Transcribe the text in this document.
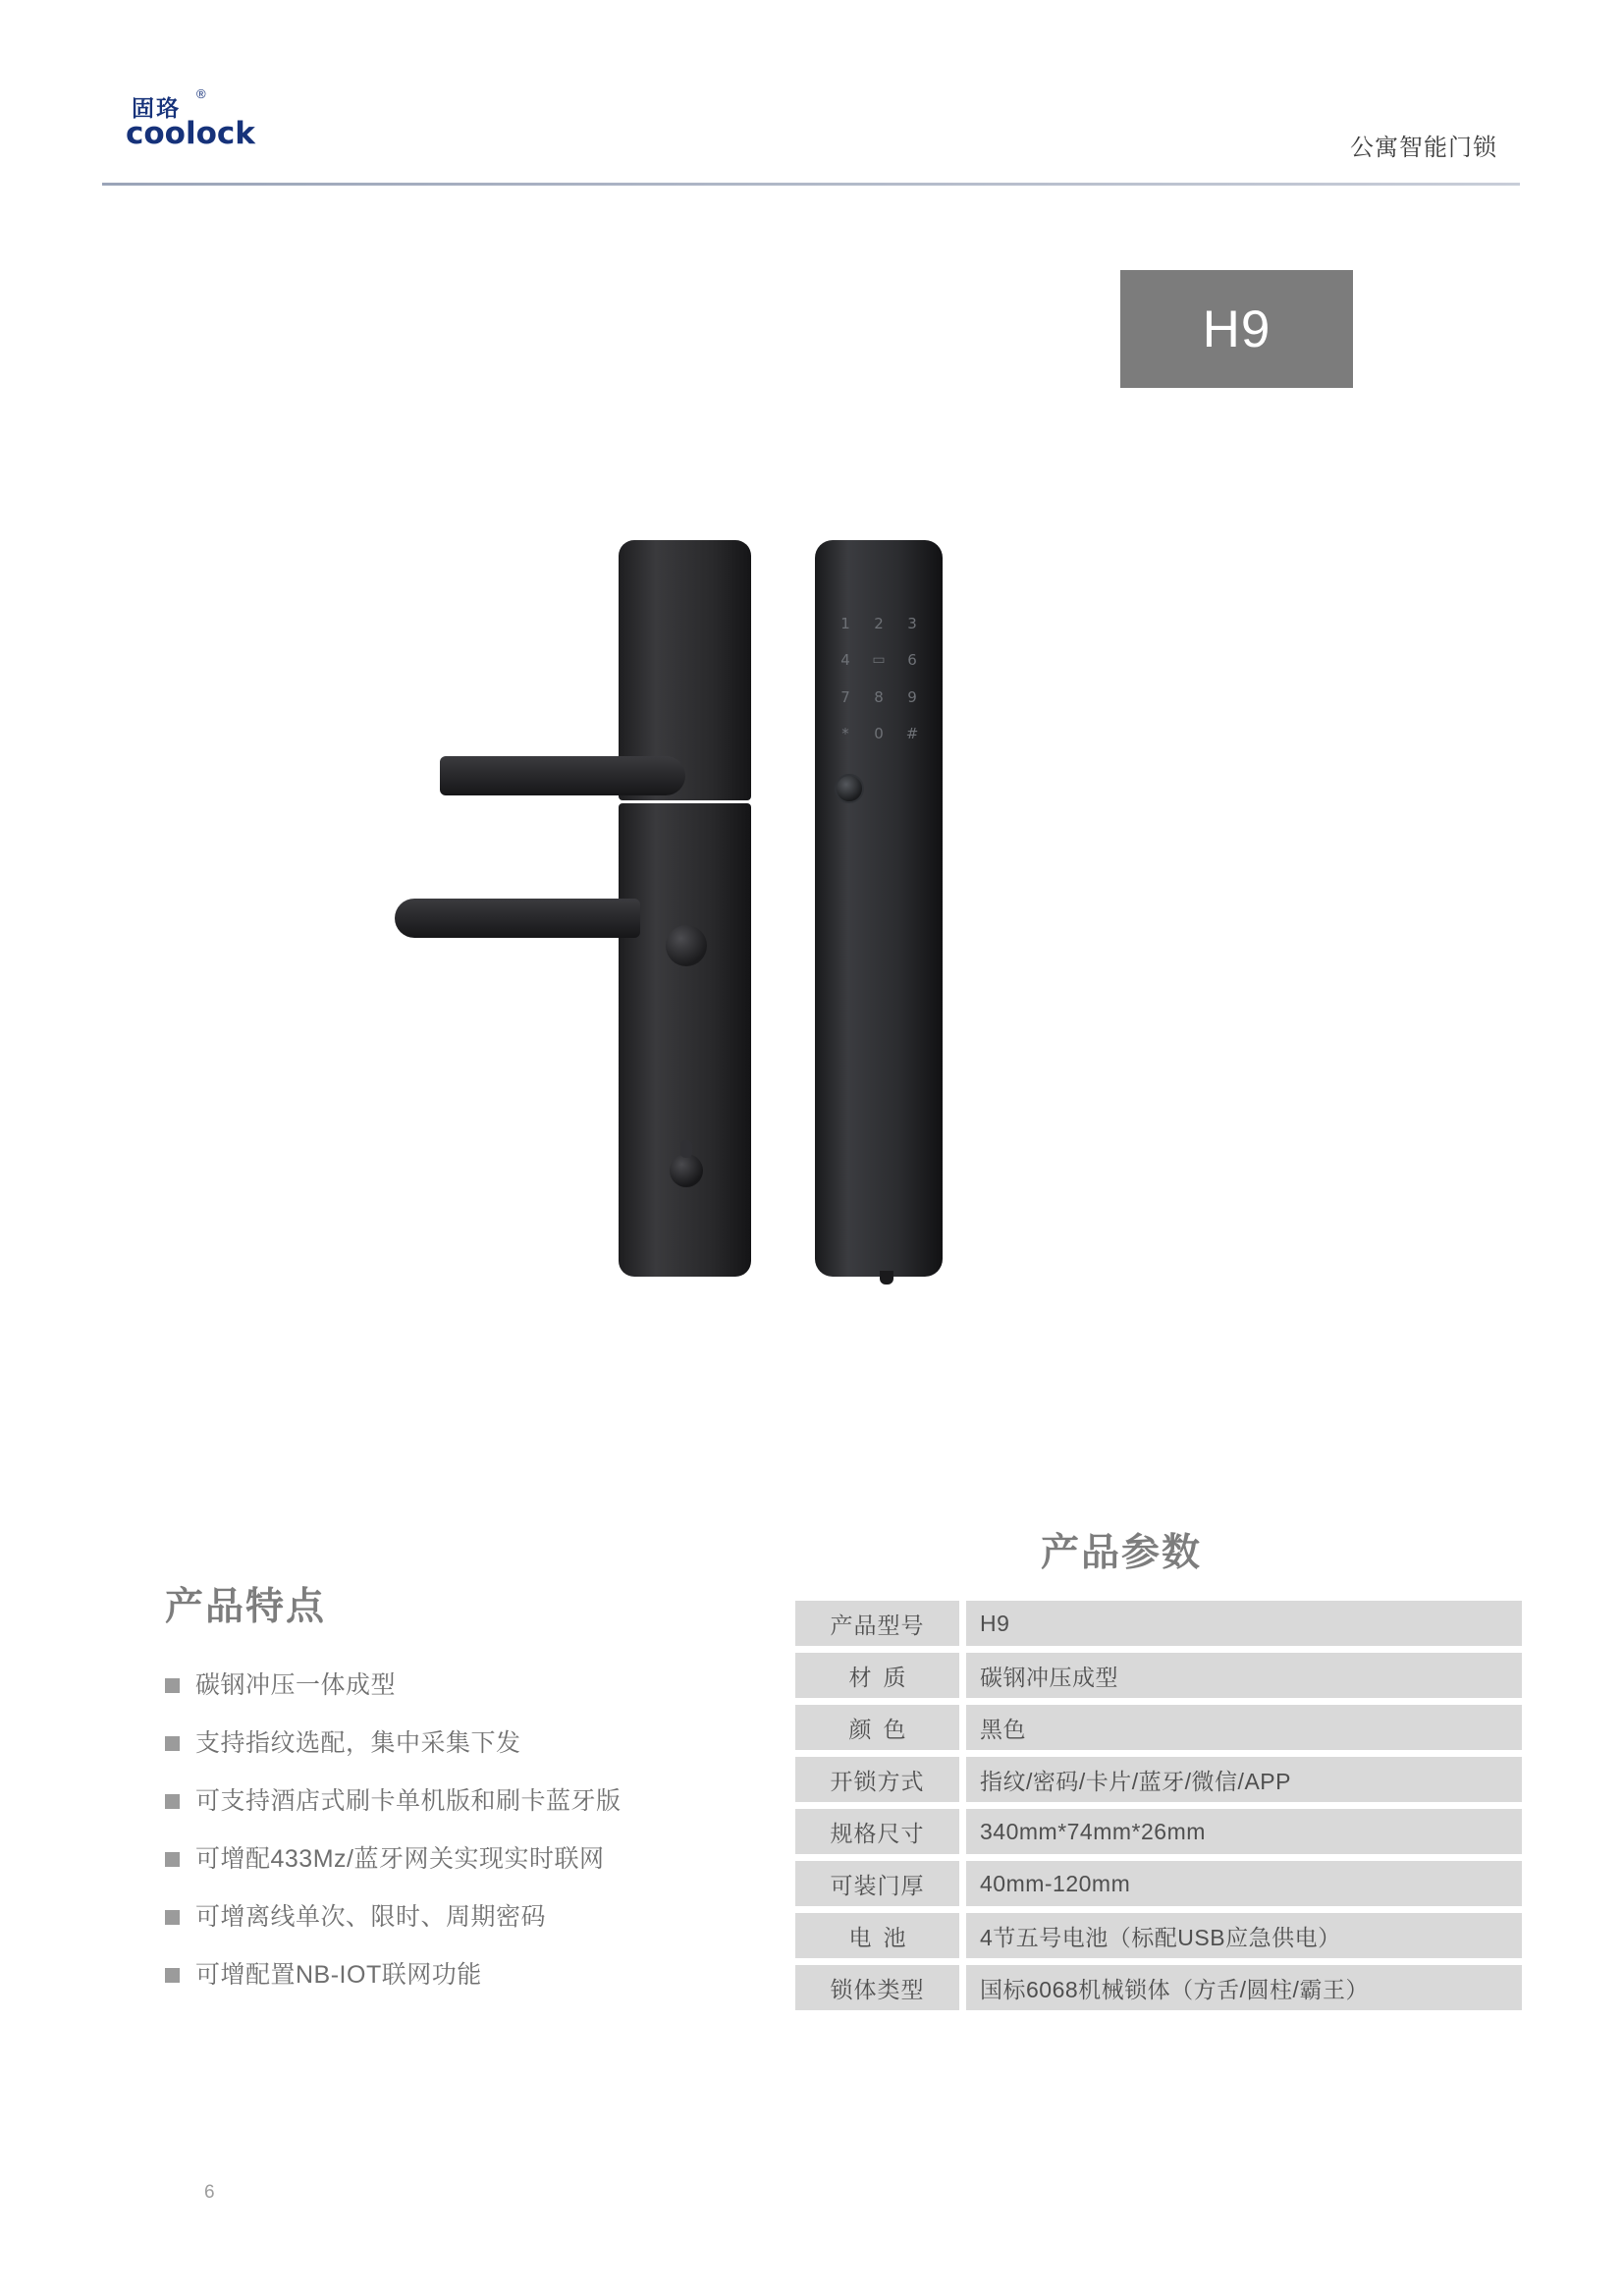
固珞
®
coolock	公寓智能门锁
H9
1	2	3
4	▭	6
7	8	9
*	0	#
产品特点
碳钢冲压一体成型
支持指纹选配，集中采集下发
可支持酒店式刷卡单机版和刷卡蓝牙版
可增配433Mz/蓝牙网关实现实时联网
可增离线单次、限时、周期密码
可增配置NB-IOT联网功能
产品参数
产品型号	H9
材质	碳钢冲压成型
颜色	黑色
开锁方式	指纹/密码/卡片/蓝牙/微信/APP
规格尺寸	340mm*74mm*26mm
可装门厚	40mm-120mm
电池	4节五号电池（标配USB应急供电）
锁体类型	国标6068机械锁体（方舌/圆柱/霸王）
6
